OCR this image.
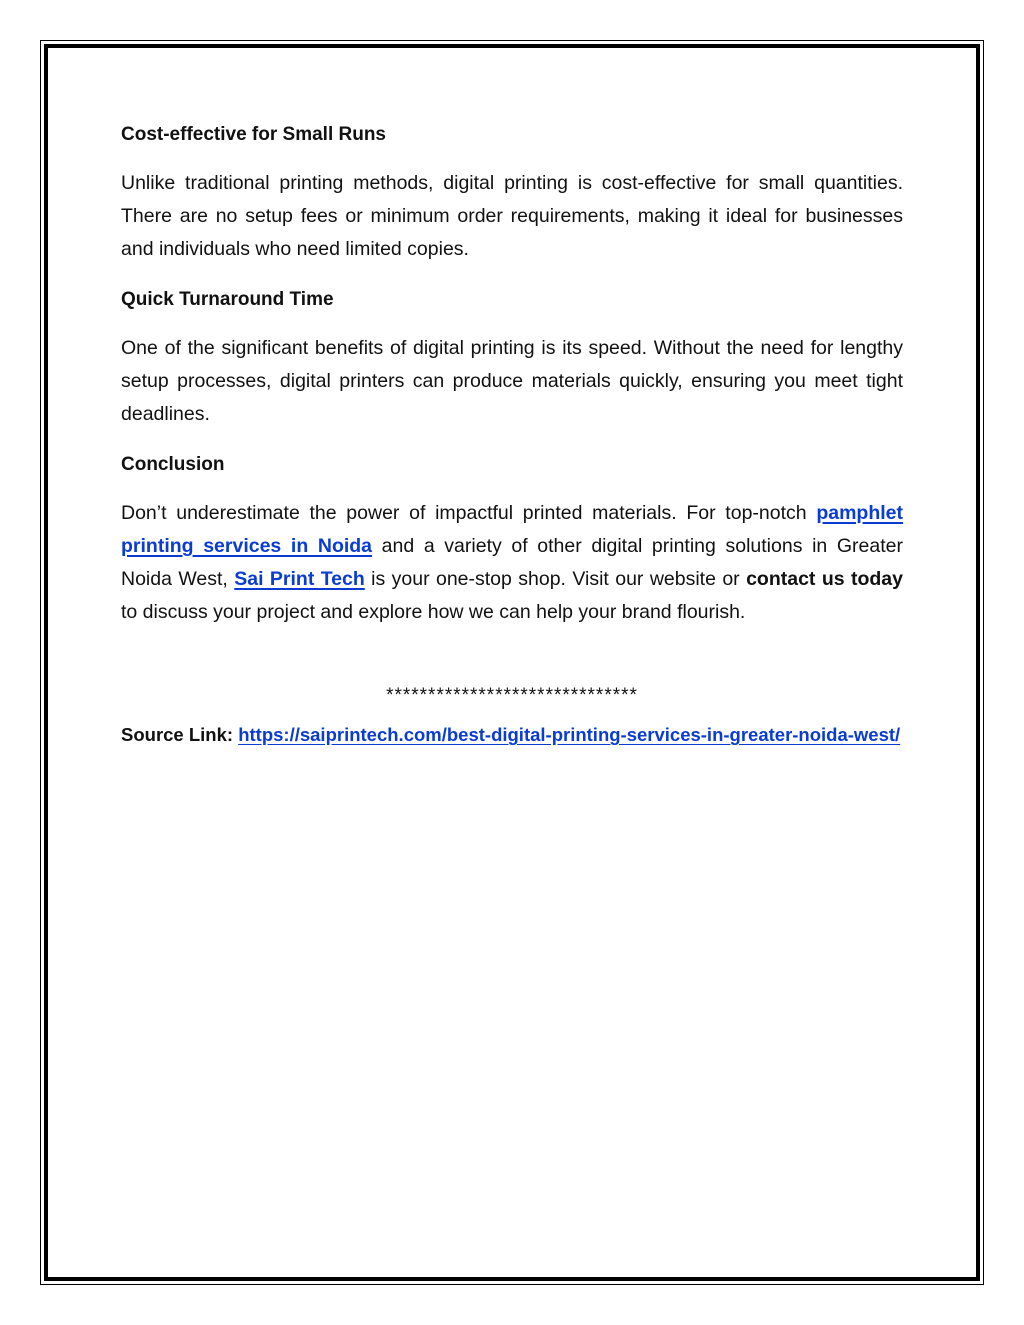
Cost-effective for Small Runs

Unlike traditional printing methods, digital printing is cost-effective for small quantities. There are no setup fees or minimum order requirements, making it ideal for businesses and individuals who need limited copies.

Quick Turnaround Time

One of the significant benefits of digital printing is its speed. Without the need for lengthy setup processes, digital printers can produce materials quickly, ensuring you meet tight deadlines.

Conclusion

Don’t underestimate the power of impactful printed materials. For top-notch pamphlet printing services in Noida and a variety of other digital printing solutions in Greater Noida West, Sai Print Tech is your one-stop shop. Visit our website or contact us today to discuss your project and explore how we can help your brand flourish.

******************************

Source Link: https://saiprintech.com/best-digital-printing-services-in-greater-noida-west/
